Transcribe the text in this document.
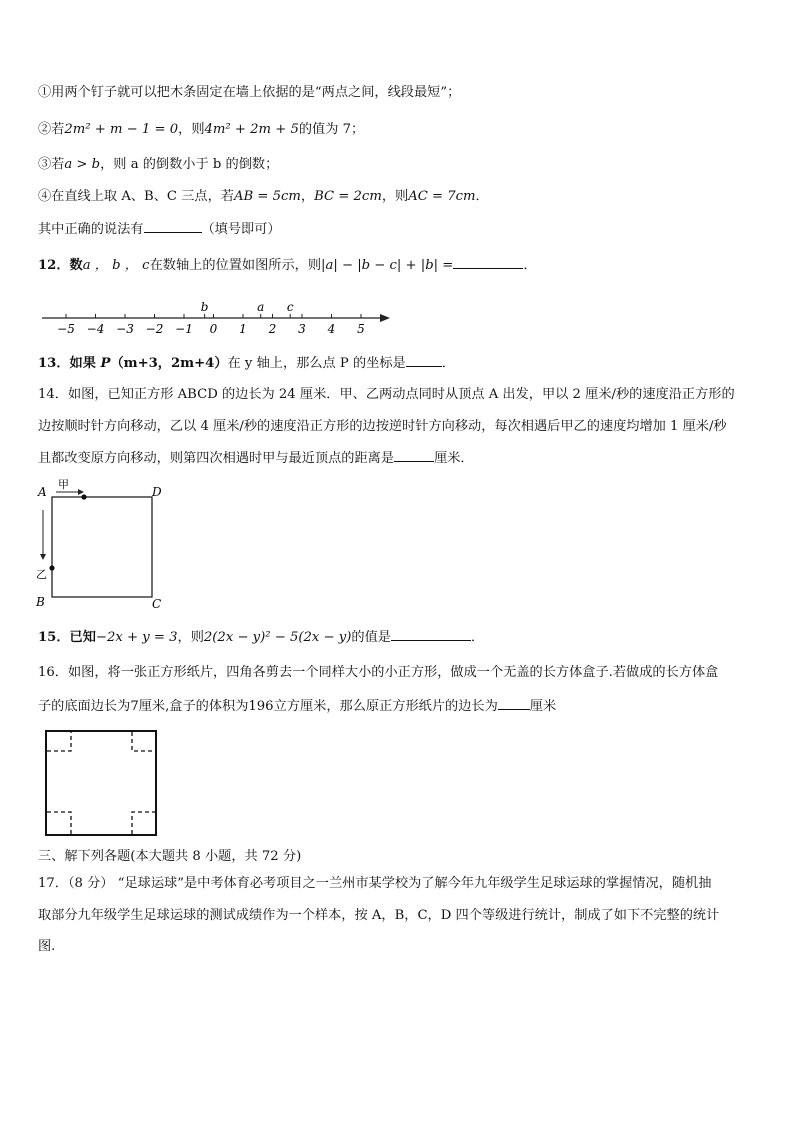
①用两个钉子就可以把木条固定在墙上依据的是“两点之间，线段最短”；
②若2m² + m − 1 = 0，则4m² + 2m + 5的值为 7；
③若a > b，则 a 的倒数小于 b 的倒数；
④在直线上取 A、B、C 三点，若AB = 5cm，BC = 2cm，则AC = 7cm．
其中正确的说法有	（填号即可）
12．数a ， b ， c在数轴上的位置如图所示，则|a| − |b − c| + |b| =	．
−5 −4 −3 −2 −1 0 1 2 3 4 5
b	a c
13．如果 P（m+3，2m+4）在 y 轴上，那么点 P 的坐标是	．
14．如图，已知正方形 ABCD 的边长为 24 厘米．甲、乙两动点同时从顶点 A 出发，甲以 2 厘米/秒的速度沿正方形的
边按顺时针方向移动，乙以 4 厘米/秒的速度沿正方形的边按逆时针方向移动，每次相遇后甲乙的速度均增加 1 厘米/秒
且都改变原方向移动，则第四次相遇时甲与最近顶点的距离是	厘米．
A
B	C
D
甲
乙
15．已知−2x + y = 3，则2(2x − y)² − 5(2x − y)的值是	．
16．如图，将一张正方形纸片，四角各剪去一个同样大小的小正方形，做成一个无盖的长方体盒子.若做成的长方体盒
子的底面边长为7厘米,盒子的体积为196立方厘米，那么原正方形纸片的边长为 厘米
三、解下列各题(本大题共 8 小题，共 72 分)
17．（8 分） “足球运球”是中考体育必考项目之一兰州市某学校为了解今年九年级学生足球运球的掌握情况，随机抽
取部分九年级学生足球运球的测试成绩作为一个样本，按 A，B，C，D 四个等级进行统计，制成了如下不完整的统计
图.
